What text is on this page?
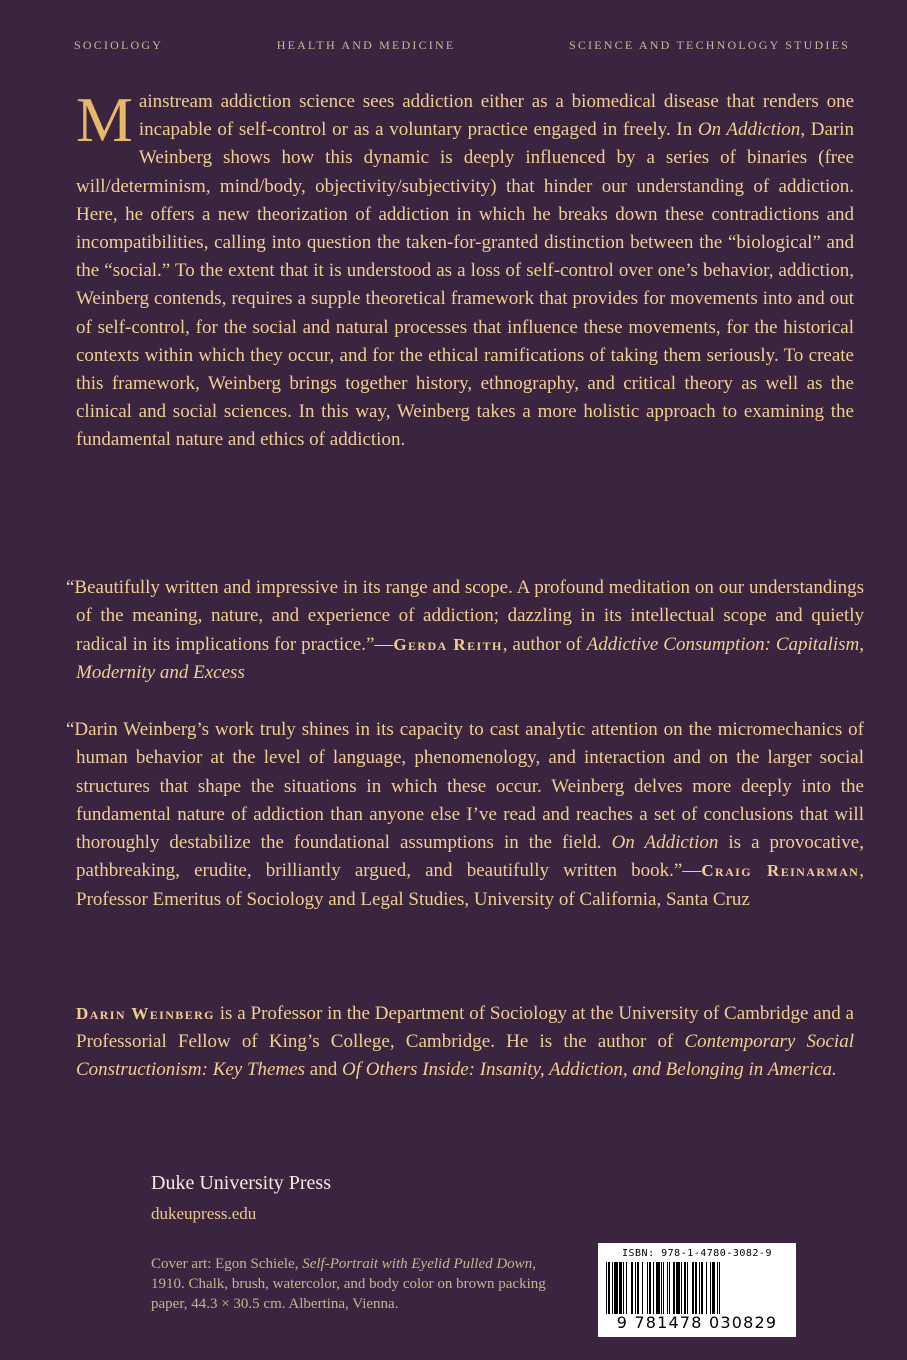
SOCIOLOGY	HEALTH AND MEDICINE	SCIENCE AND TECHNOLOGY STUDIES
Mainstream addiction science sees addiction either as a biomedical disease that renders one incapable of self-control or as a voluntary practice engaged in freely. In On Addiction, Darin Weinberg shows how this dynamic is deeply influenced by a series of binaries (free will/determinism, mind/body, objectivity/subjectivity) that hinder our understanding of addiction. Here, he offers a new theorization of addiction in which he breaks down these contradictions and incompatibilities, calling into question the taken-for-granted distinction between the “biological” and the “social.” To the extent that it is understood as a loss of self-control over one’s behavior, addiction, Weinberg contends, requires a supple theoretical framework that provides for movements into and out of self-control, for the social and natural processes that influence these movements, for the historical contexts within which they occur, and for the ethical ramifications of taking them seriously. To create this framework, Weinberg brings together history, ethnography, and critical theory as well as the clinical and social sciences. In this way, Weinberg takes a more holistic approach to examining the fundamental nature and ethics of addiction.
“Beautifully written and impressive in its range and scope. A profound meditation on our understandings of the meaning, nature, and experience of addiction; dazzling in its intellectual scope and quietly radical in its implications for practice.”—Gerda Reith, author of Addictive Consumption: Capitalism, Modernity and Excess
“Darin Weinberg’s work truly shines in its capacity to cast analytic attention on the micromechanics of human behavior at the level of language, phenomenology, and interaction and on the larger social structures that shape the situations in which these occur. Weinberg delves more deeply into the fundamental nature of addiction than anyone else I’ve read and reaches a set of conclusions that will thoroughly destabilize the foundational assumptions in the field. On Addiction is a provocative, pathbreaking, erudite, brilliantly argued, and beautifully written book.”—Craig Reinarman, Professor Emeritus of Sociology and Legal Studies, University of California, Santa Cruz
Darin Weinberg is a Professor in the Department of Sociology at the University of Cambridge and a Professorial Fellow of King’s College, Cambridge. He is the author of Contemporary Social Constructionism: Key Themes and Of Others Inside: Insanity, Addiction, and Belonging in America.
Duke University Press
dukeupress.edu
Cover art: Egon Schiele, Self-Portrait with Eyelid Pulled Down, 1910. Chalk, brush, watercolor, and body color on brown packing paper, 44.3 × 30.5 cm. Albertina, Vienna.
ISBN: 978-1-4780-3082-9
9 781478 030829
